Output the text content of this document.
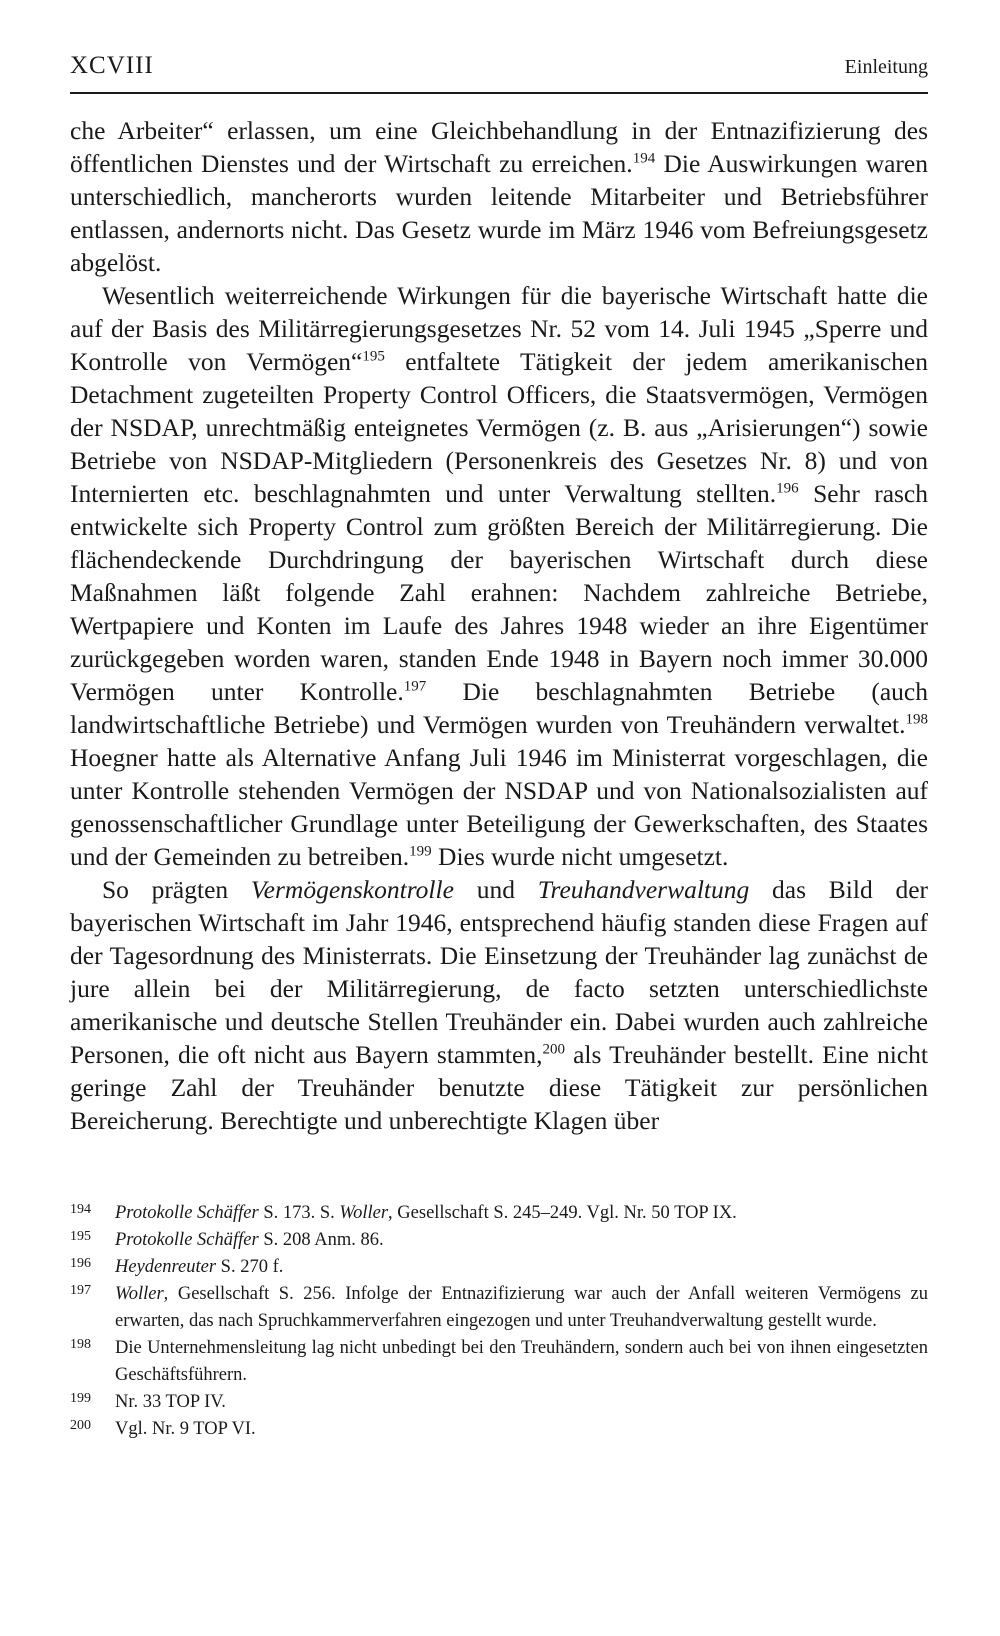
XCVIII	Einleitung

che Arbeiter“ erlassen, um eine Gleichbehandlung in der Entnazifizierung des öffentlichen Dienstes und der Wirtschaft zu erreichen.$^{194}$ Die Auswirkungen waren unterschiedlich, mancherorts wurden leitende Mitarbeiter und Betriebsführer entlassen, andernorts nicht. Das Gesetz wurde im März 1946 vom Befreiungsgesetz abgelöst.

Wesentlich weiterreichende Wirkungen für die bayerische Wirtschaft hatte die auf der Basis des Militärregierungsgesetzes Nr. 52 vom 14. Juli 1945 „Sperre und Kontrolle von Vermögen“$^{195}$ entfaltete Tätigkeit der jedem amerikanischen Detachment zugeteilten Property Control Officers, die Staatsvermögen, Vermögen der NSDAP, unrechtmäßig enteignetes Vermögen (z. B. aus „Arisierungen“) sowie Betriebe von NSDAP-Mitgliedern (Personenkreis des Gesetzes Nr. 8) und von Internierten etc. beschlagnahmten und unter Verwaltung stellten.$^{196}$ Sehr rasch entwickelte sich Property Control zum größten Bereich der Militärregierung. Die flächendeckende Durchdringung der bayerischen Wirtschaft durch diese Maßnahmen läßt folgende Zahl erahnen: Nachdem zahlreiche Betriebe, Wertpapiere und Konten im Laufe des Jahres 1948 wieder an ihre Eigentümer zurückgegeben worden waren, standen Ende 1948 in Bayern noch immer 30.000 Vermögen unter Kontrolle.$^{197}$ Die beschlagnahmten Betriebe (auch landwirtschaftliche Betriebe) und Vermögen wurden von Treuhändern verwaltet.$^{198}$ Hoegner hatte als Alternative Anfang Juli 1946 im Ministerrat vorgeschlagen, die unter Kontrolle stehenden Vermögen der NSDAP und von Nationalsozialisten auf genossenschaftlicher Grundlage unter Beteiligung der Gewerkschaften, des Staates und der Gemeinden zu betreiben.$^{199}$ Dies wurde nicht umgesetzt.

So prägten Vermögenskontrolle und Treuhandverwaltung das Bild der bayerischen Wirtschaft im Jahr 1946, entsprechend häufig standen diese Fragen auf der Tagesordnung des Ministerrats. Die Einsetzung der Treuhänder lag zunächst de jure allein bei der Militärregierung, de facto setzten unterschiedlichste amerikanische und deutsche Stellen Treuhänder ein. Dabei wurden auch zahlreiche Personen, die oft nicht aus Bayern stammten,$^{200}$ als Treuhänder bestellt. Eine nicht geringe Zahl der Treuhänder benutzte diese Tätigkeit zur persönlichen Bereicherung. Berechtigte und unberechtigte Klagen über

194 Protokolle Schäffer S. 173. S. Woller, Gesellschaft S. 245–249. Vgl. Nr. 50 TOP IX.
195 Protokolle Schäffer S. 208 Anm. 86.
196 Heydenreuter S. 270 f.
197 Woller, Gesellschaft S. 256. Infolge der Entnazifizierung war auch der Anfall weiteren Vermögens zu erwarten, das nach Spruchkammerverfahren eingezogen und unter Treuhandverwaltung gestellt wurde.
198 Die Unternehmensleitung lag nicht unbedingt bei den Treuhändern, sondern auch bei von ihnen eingesetzten Geschäftsführern.
199 Nr. 33 TOP IV.
200 Vgl. Nr. 9 TOP VI.
